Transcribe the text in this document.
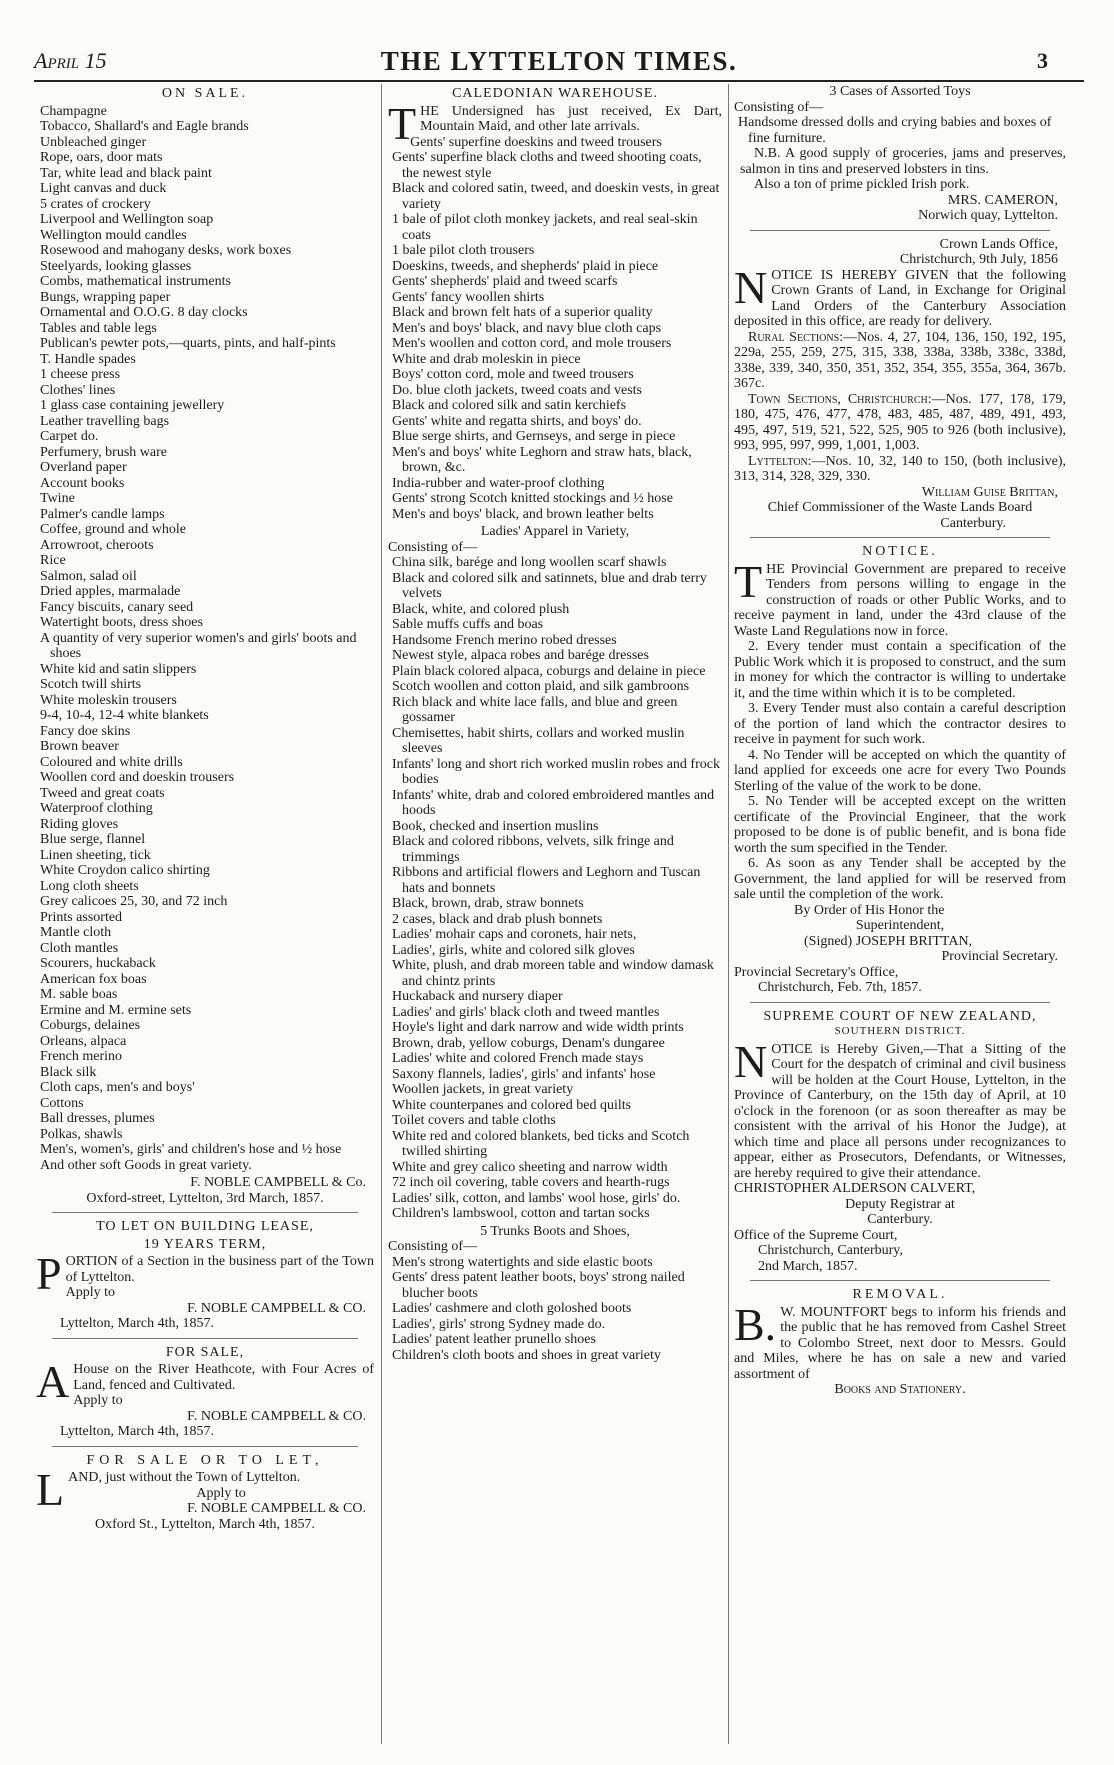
April 15	THE LYTTELTON TIMES.	3
ON SALE.
Champagne
Tobacco, Shallard's and Eagle brands
Unbleached ginger
Rope, oars, door mats
Tar, white lead and black paint
Light canvas and duck
5 crates of crockery
Liverpool and Wellington soap
Wellington mould candles
Rosewood and mahogany desks, work boxes
Steelyards, looking glasses
Combs, mathematical instruments
Bungs, wrapping paper
Ornamental and O.O.G. 8 day clocks
Tables and table legs
Publican's pewter pots,—quarts, pints, and half-pints
T. Handle spades
1 cheese press
Clothes' lines
1 glass case containing jewellery
Leather travelling bags
Carpet do.
Perfumery, brush ware
Overland paper
Account books
Twine
Palmer's candle lamps
Coffee, ground and whole
Arrowroot, cheroots
Rice
Salmon, salad oil
Dried apples, marmalade
Fancy biscuits, canary seed
Watertight boots, dress shoes
A quantity of very superior women's and girls' boots and shoes
White kid and satin slippers
Scotch twill shirts
White moleskin trousers
9-4, 10-4, 12-4 white blankets
Fancy doe skins
Brown beaver
Coloured and white drills
Woollen cord and doeskin trousers
Tweed and great coats
Waterproof clothing
Riding gloves
Blue serge, flannel
Linen sheeting, tick
White Croydon calico shirting
Long cloth sheets
Grey calicoes 25, 30, and 72 inch
Prints assorted
Mantle cloth
Cloth mantles
Scourers, huckaback
American fox boas
M. sable boas
Ermine and M. ermine sets
Coburgs, delaines
Orleans, alpaca
French merino
Black silk
Cloth caps, men's and boys'
Cottons
Ball dresses, plumes
Polkas, shawls
Men's, women's, girls' and children's hose and ½ hose
And other soft Goods in great variety.
F. NOBLE CAMPBELL & Co.
Oxford-street, Lyttelton, 3rd March, 1857.
TO LET ON BUILDING LEASE,
19 YEARS TERM,

PORTION of a Section in the business part of the Town of Lyttelton.

Apply to
F. NOBLE CAMPBELL & CO.
Lyttelton, March 4th, 1857.
FOR SALE,

A House on the River Heathcote, with Four Acres of Land, fenced and Cultivated.

Apply to
F. NOBLE CAMPBELL & CO.
Lyttelton, March 4th, 1857.
FOR SALE OR TO LET,

LAND, just without the Town of Lyttelton.

Apply to
F. NOBLE CAMPBELL & CO.
Oxford St., Lyttelton, March 4th, 1857.
CALEDONIAN WAREHOUSE.

THE Undersigned has just received, Ex Dart, Mountain Maid, and other late arrivals.

Gents' superfine doeskins and tweed trousers
Gents' superfine black cloths and tweed shooting coats, the newest style
Black and colored satin, tweed, and doeskin vests, in great variety
1 bale of pilot cloth monkey jackets, and real seal-skin coats
1 bale pilot cloth trousers
Doeskins, tweeds, and shepherds' plaid in piece
Gents' shepherds' plaid and tweed scarfs
Gents' fancy woollen shirts
Black and brown felt hats of a superior quality
Men's and boys' black, and navy blue cloth caps
Men's woollen and cotton cord, and mole trousers
White and drab moleskin in piece
Boys' cotton cord, mole and tweed trousers
Do. blue cloth jackets, tweed coats and vests
Black and colored silk and satin kerchiefs
Gents' white and regatta shirts, and boys' do.
Blue serge shirts, and Gernseys, and serge in piece
Men's and boys' white Leghorn and straw hats, black, brown, &c.
India-rubber and water-proof clothing
Gents' strong Scotch knitted stockings and ½ hose
Men's and boys' black, and brown leather belts
Ladies' Apparel in Variety,
Consisting of—
China silk, barége and long woollen scarf shawls
Black and colored silk and satinnets, blue and drab terry velvets
Black, white, and colored plush
Sable muffs cuffs and boas
Handsome French merino robed dresses
Newest style, alpaca robes and barége dresses
Plain black colored alpaca, coburgs and delaine in piece
Scotch woollen and cotton plaid, and silk gambroons
Rich black and white lace falls, and blue and green gossamer
Chemisettes, habit shirts, collars and worked muslin sleeves
Infants' long and short rich worked muslin robes and frock bodies
Infants' white, drab and colored embroidered mantles and hoods
Book, checked and insertion muslins
Black and colored ribbons, velvets, silk fringe and trimmings
Ribbons and artificial flowers and Leghorn and Tuscan hats and bonnets
Black, brown, drab, straw bonnets
2 cases, black and drab plush bonnets
Ladies' mohair caps and coronets, hair nets,
Ladies', girls, white and colored silk gloves
White, plush, and drab moreen table and window damask and chintz prints
Huckaback and nursery diaper
Ladies' and girls' black cloth and tweed mantles
Hoyle's light and dark narrow and wide width prints
Brown, drab, yellow coburgs, Denam's dungaree
Ladies' white and colored French made stays
Saxony flannels, ladies', girls' and infants' hose
Woollen jackets, in great variety
White counterpanes and colored bed quilts
Toilet covers and table cloths
White red and colored blankets, bed ticks and Scotch twilled shirting
White and grey calico sheeting and narrow width
72 inch oil covering, table covers and hearth-rugs
Ladies' silk, cotton, and lambs' wool hose, girls' do.
Children's lambswool, cotton and tartan socks
5 Trunks Boots and Shoes,
Consisting of—
Men's strong watertights and side elastic boots
Gents' dress patent leather boots, boys' strong nailed blucher boots
Ladies' cashmere and cloth goloshed boots
Ladies', girls' strong Sydney made do.
Ladies' patent leather prunello shoes
Children's cloth boots and shoes in great variety
3 Cases of Assorted Toys
Consisting of—
Handsome dressed dolls and crying babies and boxes of fine furniture.

N.B. A good supply of groceries, jams and preserves, salmon in tins and preserved lobsters in tins.

Also a ton of prime pickled Irish pork.

MRS. CAMERON,
Norwich quay, Lyttelton.
Crown Lands Office,
Christchurch, 9th July, 1856

NOTICE IS HEREBY GIVEN that the following Crown Grants of Land, in Exchange for Original Land Orders of the Canterbury Association deposited in this office, are ready for delivery.

Rural Sections:—Nos. 4, 27, 104, 136, 150, 192, 195, 229a, 255, 259, 275, 315, 338, 338a, 338b, 338c, 338d, 338e, 339, 340, 350, 351, 352, 354, 355, 355a, 364, 367b. 367c.

Town Sections, Christchurch:—Nos. 177, 178, 179, 180, 475, 476, 477, 478, 483, 485, 487, 489, 491, 493, 495, 497, 519, 521, 522, 525, 905 to 926 (both inclusive), 993, 995, 997, 999, 1,001, 1,003.

Lyttelton:—Nos. 10, 32, 140 to 150, (both inclusive), 313, 314, 328, 329, 330.

William Guise Brittan,
Chief Commissioner of the Waste Lands Board
Canterbury.
NOTICE.

THE Provincial Government are prepared to receive Tenders from persons willing to engage in the construction of roads or other Public Works, and to receive payment in land, under the 43rd clause of the Waste Land Regulations now in force.

2. Every tender must contain a specification of the Public Work which it is proposed to construct, and the sum in money for which the contractor is willing to undertake it, and the time within which it is to be completed.

3. Every Tender must also contain a careful description of the portion of land which the contractor desires to receive in payment for such work.

4. No Tender will be accepted on which the quantity of land applied for exceeds one acre for every Two Pounds Sterling of the value of the work to be done.

5. No Tender will be accepted except on the written certificate of the Provincial Engineer, that the work proposed to be done is of public benefit, and is bona fide worth the sum specified in the Tender.

6. As soon as any Tender shall be accepted by the Government, the land applied for will be reserved from sale until the completion of the work.

By Order of His Honor the
Superintendent,
(Signed) JOSEPH BRITTAN,
Provincial Secretary.
Provincial Secretary's Office,
Christchurch, Feb. 7th, 1857.
SUPREME COURT OF NEW ZEALAND,
SOUTHERN DISTRICT.

NOTICE is Hereby Given,—That a Sitting of the Court for the despatch of criminal and civil business will be holden at the Court House, Lyttelton, in the Province of Canterbury, on the 15th day of April, at 10 o'clock in the forenoon (or as soon thereafter as may be consistent with the arrival of his Honor the Judge), at which time and place all persons under recognizances to appear, either as Prosecutors, Defendants, or Witnesses, are hereby required to give their attendance.

CHRISTOPHER ALDERSON CALVERT,
Deputy Registrar at
Canterbury.
Office of the Supreme Court,
Christchurch, Canterbury,
2nd March, 1857.
REMOVAL.

B. W. MOUNTFORT begs to inform his friends and the public that he has removed from Cashel Street to Colombo Street, next door to Messrs. Gould and Miles, where he has on sale a new and varied assortment of

Books and Stationery.
